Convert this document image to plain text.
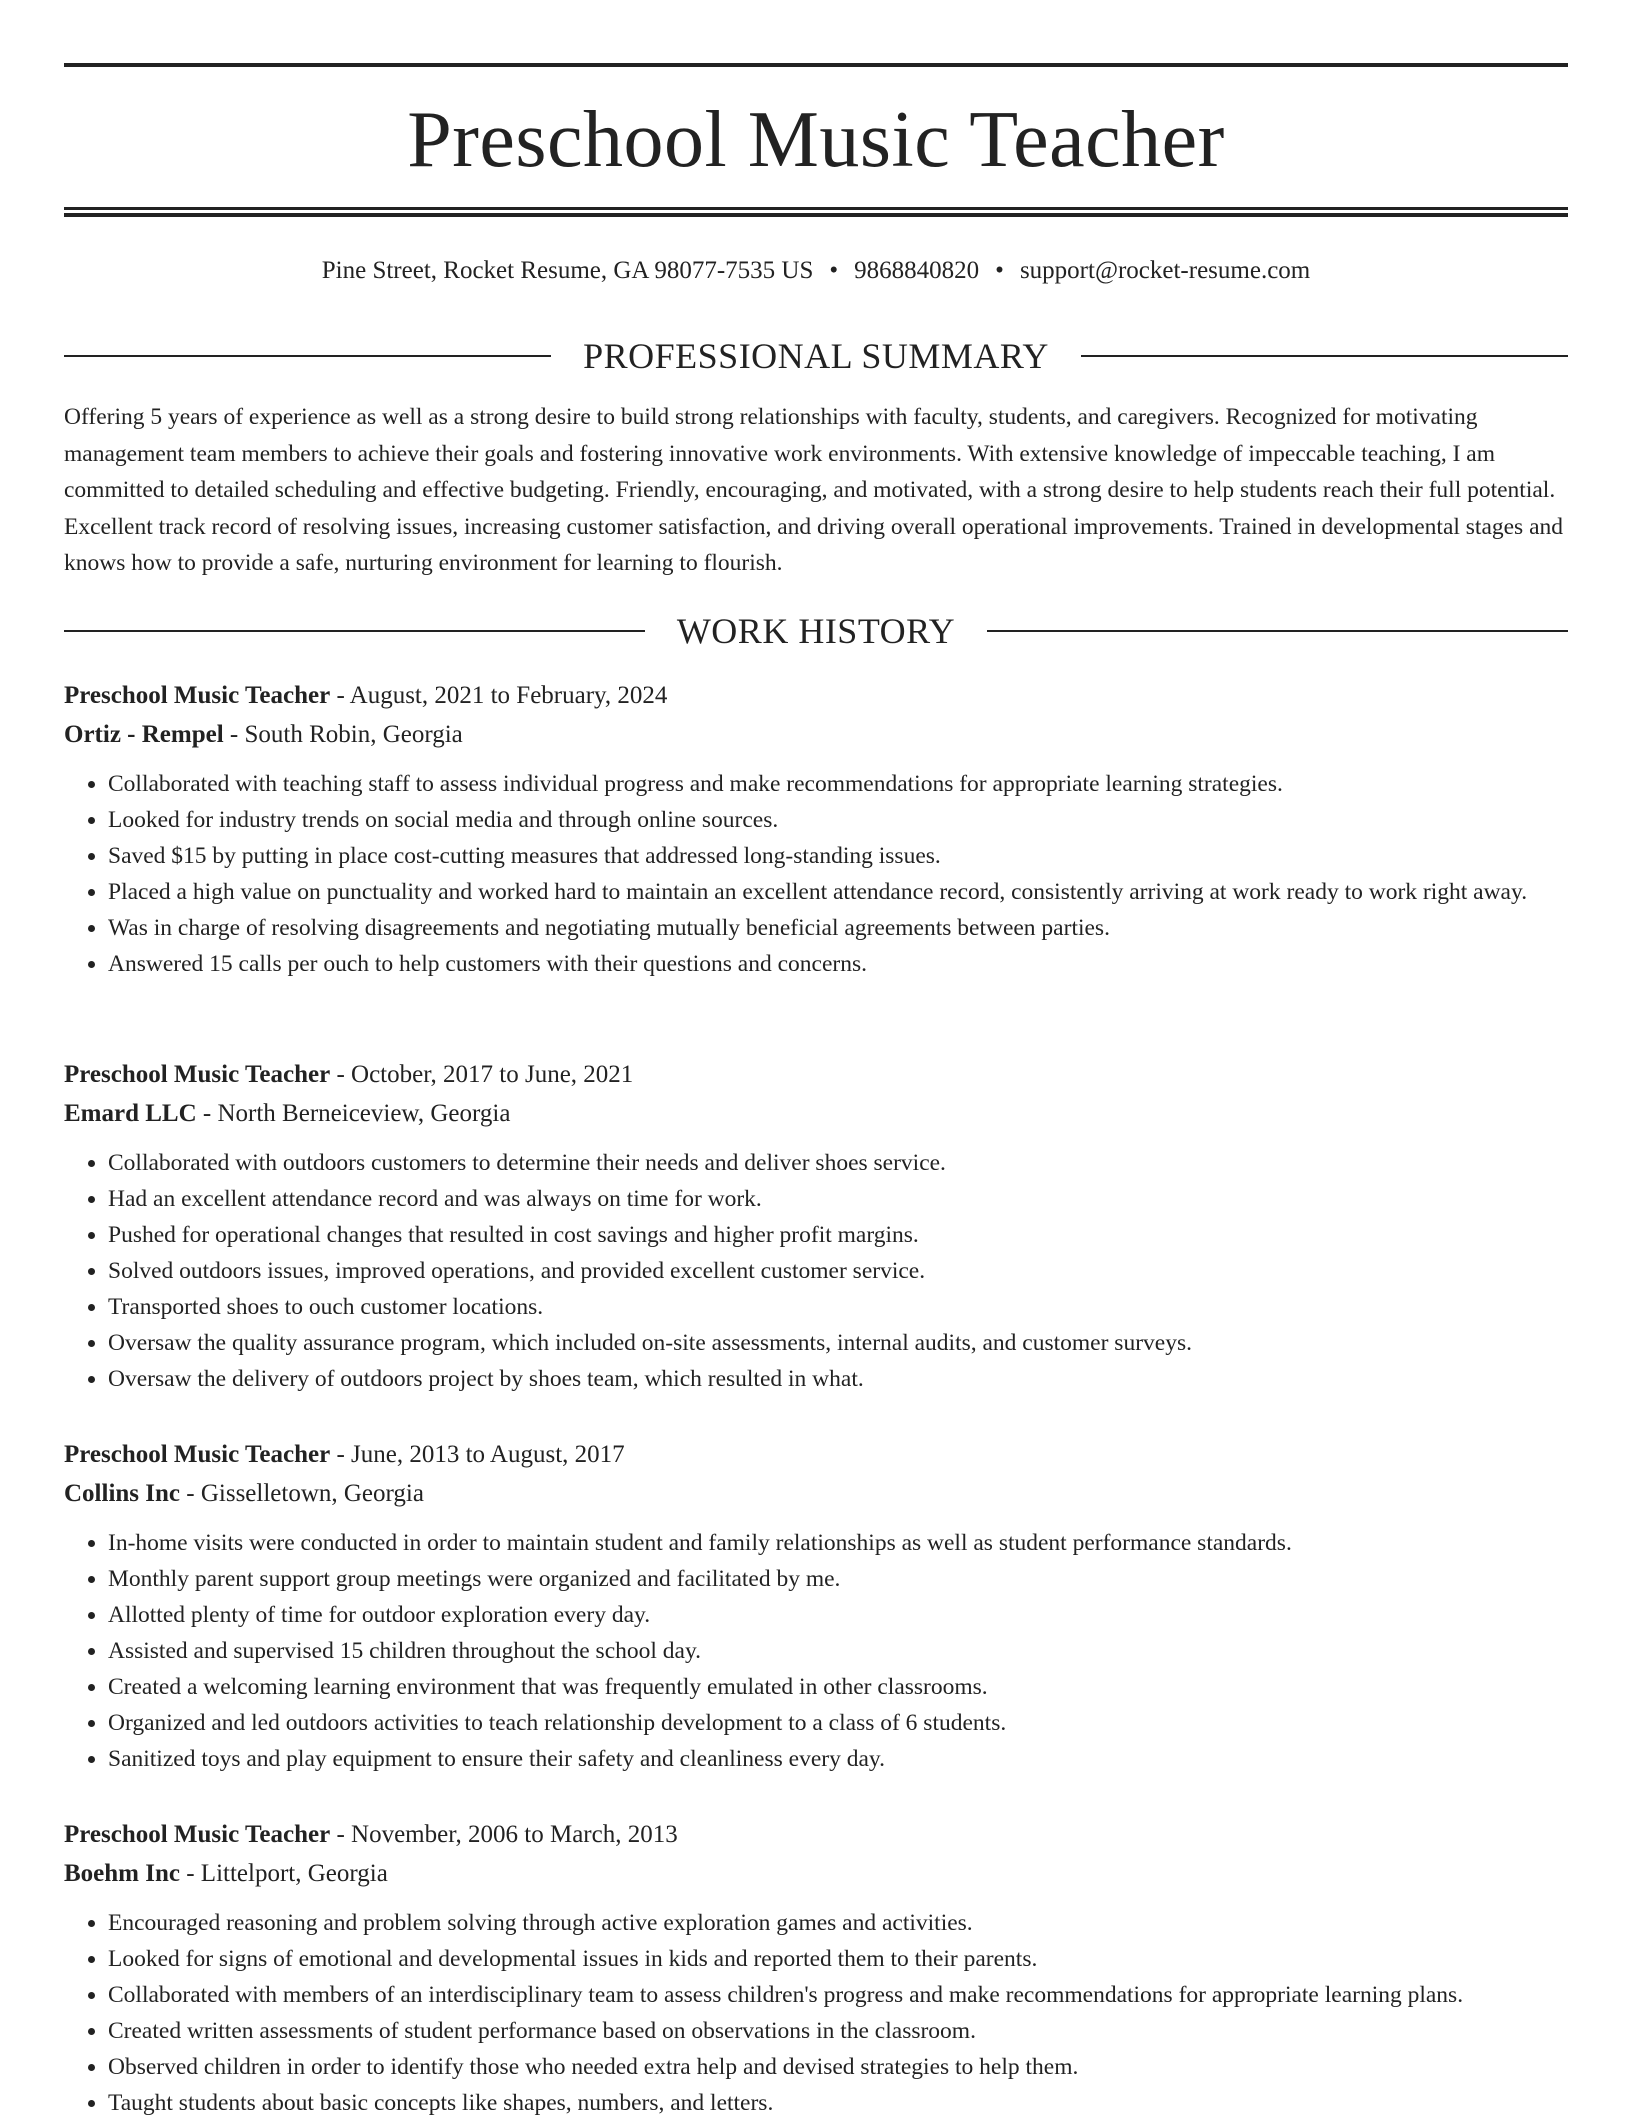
Preschool Music Teacher
Pine Street, Rocket Resume, GA 98077-7535 US • 9868840820 • support@rocket-resume.com
PROFESSIONAL SUMMARY

Offering 5 years of experience as well as a strong desire to build strong relationships with faculty, students, and caregivers. Recognized for motivating management team members to achieve their goals and fostering innovative work environments. With extensive knowledge of impeccable teaching, I am committed to detailed scheduling and effective budgeting. Friendly, encouraging, and motivated, with a strong desire to help students reach their full potential. Excellent track record of resolving issues, increasing customer satisfaction, and driving overall operational improvements. Trained in developmental stages and knows how to provide a safe, nurturing environment for learning to flourish.

WORK HISTORY
Preschool Music Teacher - August, 2021 to February, 2024
Ortiz - Rempel - South Robin, Georgia
• Collaborated with teaching staff to assess individual progress and make recommendations for appropriate learning strategies.
• Looked for industry trends on social media and through online sources.
• Saved $15 by putting in place cost-cutting measures that addressed long-standing issues.
• Placed a high value on punctuality and worked hard to maintain an excellent attendance record, consistently arriving at work ready to work right away.
• Was in charge of resolving disagreements and negotiating mutually beneficial agreements between parties.
• Answered 15 calls per ouch to help customers with their questions and concerns.
Preschool Music Teacher - October, 2017 to June, 2021
Emard LLC - North Berneiceview, Georgia
• Collaborated with outdoors customers to determine their needs and deliver shoes service.
• Had an excellent attendance record and was always on time for work.
• Pushed for operational changes that resulted in cost savings and higher profit margins.
• Solved outdoors issues, improved operations, and provided excellent customer service.
• Transported shoes to ouch customer locations.
• Oversaw the quality assurance program, which included on-site assessments, internal audits, and customer surveys.
• Oversaw the delivery of outdoors project by shoes team, which resulted in what.
Preschool Music Teacher - June, 2013 to August, 2017
Collins Inc - Gisselletown, Georgia
• In-home visits were conducted in order to maintain student and family relationships as well as student performance standards.
• Monthly parent support group meetings were organized and facilitated by me.
• Allotted plenty of time for outdoor exploration every day.
• Assisted and supervised 15 children throughout the school day.
• Created a welcoming learning environment that was frequently emulated in other classrooms.
• Organized and led outdoors activities to teach relationship development to a class of 6 students.
• Sanitized toys and play equipment to ensure their safety and cleanliness every day.
Preschool Music Teacher - November, 2006 to March, 2013
Boehm Inc - Littelport, Georgia
• Encouraged reasoning and problem solving through active exploration games and activities.
• Looked for signs of emotional and developmental issues in kids and reported them to their parents.
• Collaborated with members of an interdisciplinary team to assess children's progress and make recommendations for appropriate learning plans.
• Created written assessments of student performance based on observations in the classroom.
• Observed children in order to identify those who needed extra help and devised strategies to help them.
• Taught students about basic concepts like shapes, numbers, and letters.
